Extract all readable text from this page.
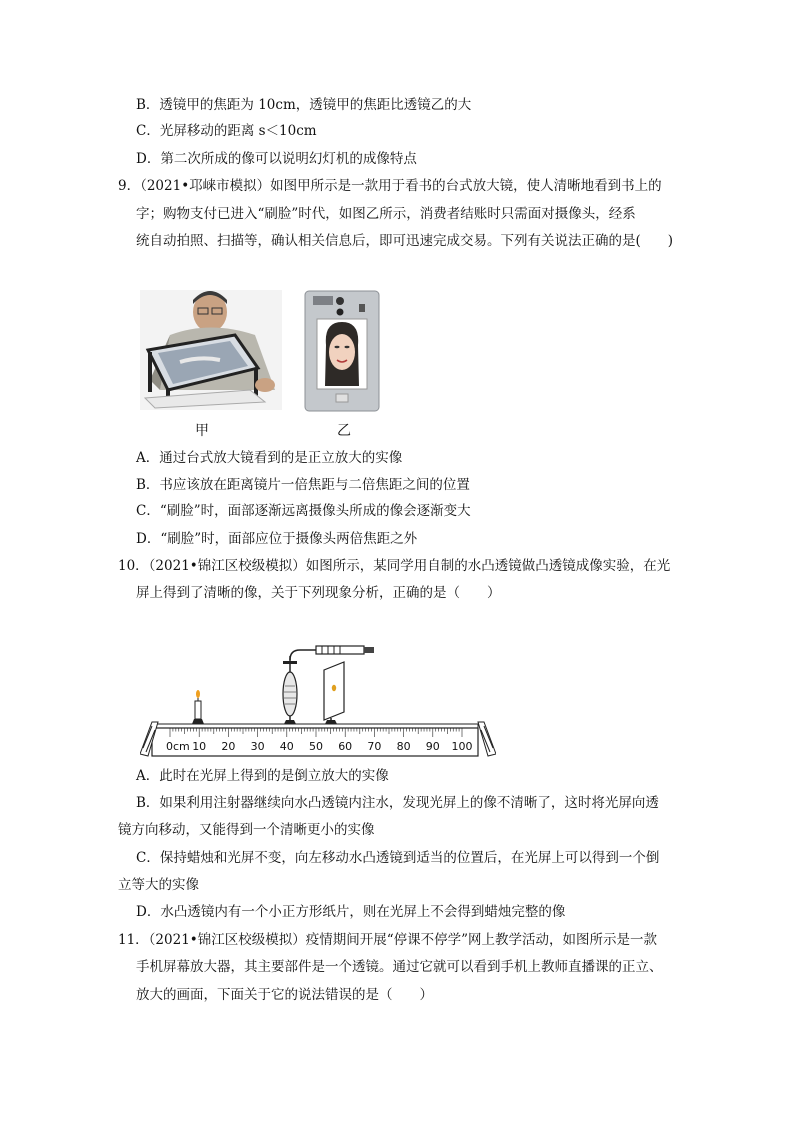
B．透镜甲的焦距为 10cm，透镜甲的焦距比透镜乙的大
C．光屏移动的距离 s＜10cm
D．第二次所成的像可以说明幻灯机的成像特点
9．（2021•邛崃市模拟）如图甲所示是一款用于看书的台式放大镜，使人清晰地看到书上的
字；购物支付已进入“刷脸”时代，如图乙所示，消费者结账时只需面对摄像头，经系
统自动拍照、扫描等，确认相关信息后，即可迅速完成交易。下列有关说法正确的是(　　)
甲	乙
A．通过台式放大镜看到的是正立放大的实像
B．书应该放在距离镜片一倍焦距与二倍焦距之间的位置
C．“刷脸”时，面部逐渐远离摄像头所成的像会逐渐变大
D．“刷脸”时，面部应位于摄像头两倍焦距之外
10．（2021•锦江区校级模拟）如图所示，某同学用自制的水凸透镜做凸透镜成像实验，在光
屏上得到了清晰的像，关于下列现象分析，正确的是（　　）
0cm 10 20 30 40 50 60 70 80 90 100
A．此时在光屏上得到的是倒立放大的实像
B．如果利用注射器继续向水凸透镜内注水，发现光屏上的像不清晰了，这时将光屏向透
镜方向移动，又能得到一个清晰更小的实像
C．保持蜡烛和光屏不变，向左移动水凸透镜到适当的位置后，在光屏上可以得到一个倒
立等大的实像
D．水凸透镜内有一个小正方形纸片，则在光屏上不会得到蜡烛完整的像
11．（2021•锦江区校级模拟）疫情期间开展“停课不停学”网上教学活动，如图所示是一款
手机屏幕放大器，其主要部件是一个透镜。通过它就可以看到手机上教师直播课的正立、
放大的画面，下面关于它的说法错误的是（　　）
